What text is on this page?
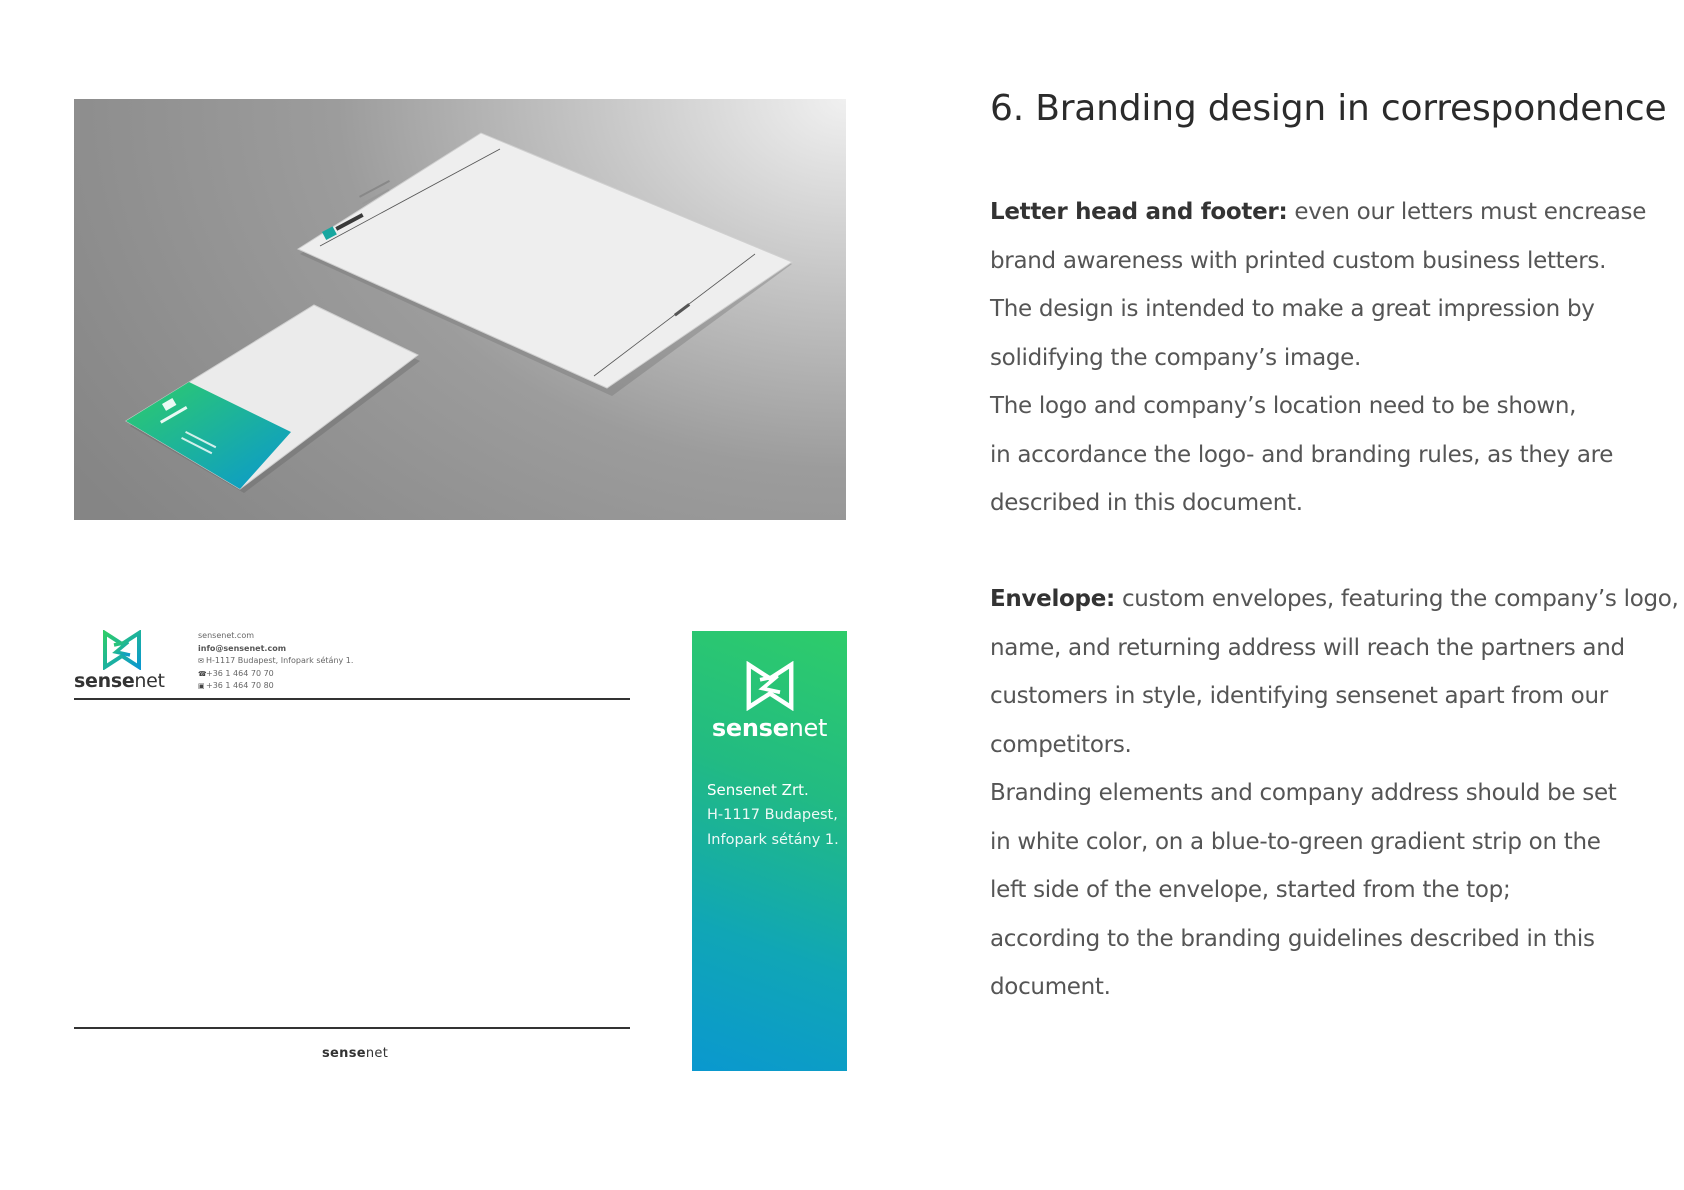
sensenet
sensenet.com
info@sensenet.com
✉ H-1117 Budapest, Infopark sétány 1.
☎+36 1 464 70 70
▣+36 1 464 70 80
sensenet
sensenet
Sensenet Zrt.
H-1117 Budapest,
Infopark sétány 1.
6. Branding design in correspondence
Letter head and footer: even our letters must encrease
brand awareness with printed custom business letters.
The design is intended to make a great impression by
solidifying the company’s image.
The logo and company’s location need to be shown,
in accordance the logo- and branding rules, as they are
described in this document.
Envelope: custom envelopes, featuring the company’s logo,
name, and returning address will reach the partners and
customers in style, identifying sensenet apart from our
competitors.
Branding elements and company address should be set
in white color, on a blue-to-green gradient strip on the
left side of the envelope, started from the top;
according to the branding guidelines described in this
document.
